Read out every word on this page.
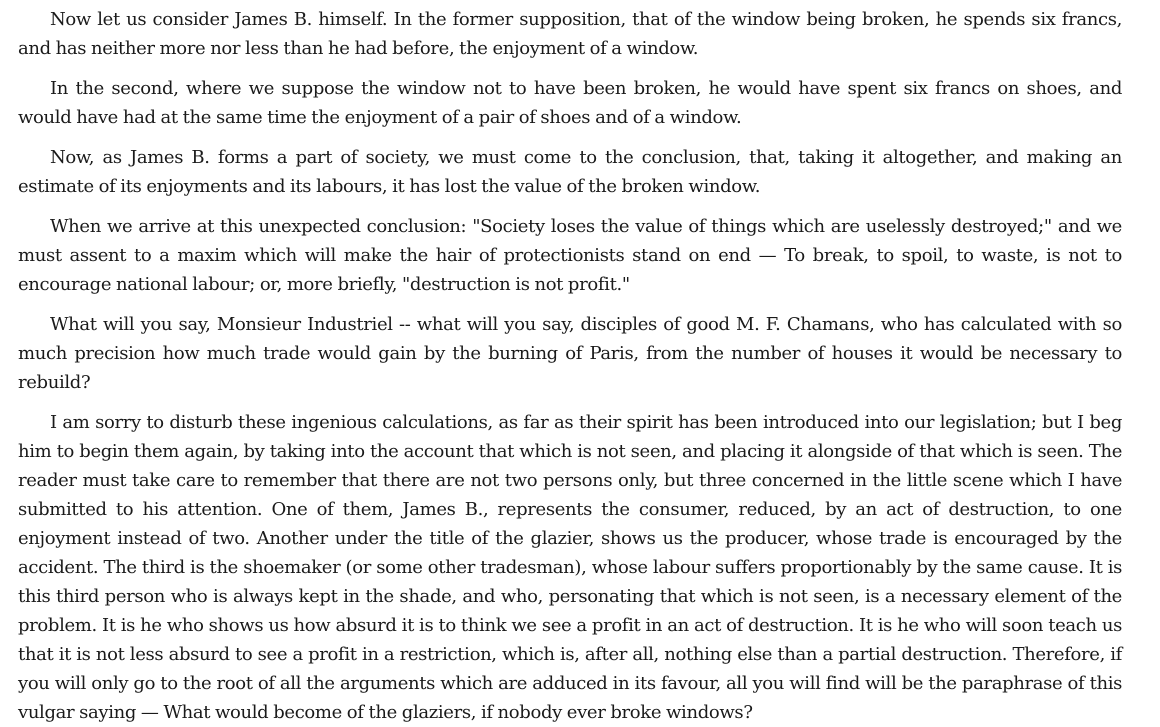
Now let us consider James B. himself. In the former supposition, that of the window being broken, he spends six francs, and has neither more nor less than he had before, the enjoyment of a window.

In the second, where we suppose the window not to have been broken, he would have spent six francs on shoes, and would have had at the same time the enjoyment of a pair of shoes and of a window.

Now, as James B. forms a part of society, we must come to the conclusion, that, taking it altogether, and making an estimate of its enjoyments and its labours, it has lost the value of the broken window.

When we arrive at this unexpected conclusion: "Society loses the value of things which are uselessly destroyed;" and we must assent to a maxim which will make the hair of protectionists stand on end — To break, to spoil, to waste, is not to encourage national labour; or, more briefly, "destruction is not profit."

What will you say, Monsieur Industriel -- what will you say, disciples of good M. F. Chamans, who has calculated with so much precision how much trade would gain by the burning of Paris, from the number of houses it would be necessary to rebuild?

I am sorry to disturb these ingenious calculations, as far as their spirit has been introduced into our legislation; but I beg him to begin them again, by taking into the account that which is not seen, and placing it alongside of that which is seen. The reader must take care to remember that there are not two persons only, but three concerned in the little scene which I have submitted to his attention. One of them, James B., represents the consumer, reduced, by an act of destruction, to one enjoyment instead of two. Another under the title of the glazier, shows us the producer, whose trade is encouraged by the accident. The third is the shoemaker (or some other tradesman), whose labour suffers proportionably by the same cause. It is this third person who is always kept in the shade, and who, personating that which is not seen, is a necessary element of the problem. It is he who shows us how absurd it is to think we see a profit in an act of destruction. It is he who will soon teach us that it is not less absurd to see a profit in a restriction, which is, after all, nothing else than a partial destruction. Therefore, if you will only go to the root of all the arguments which are adduced in its favour, all you will find will be the paraphrase of this vulgar saying — What would become of the glaziers, if nobody ever broke windows?
